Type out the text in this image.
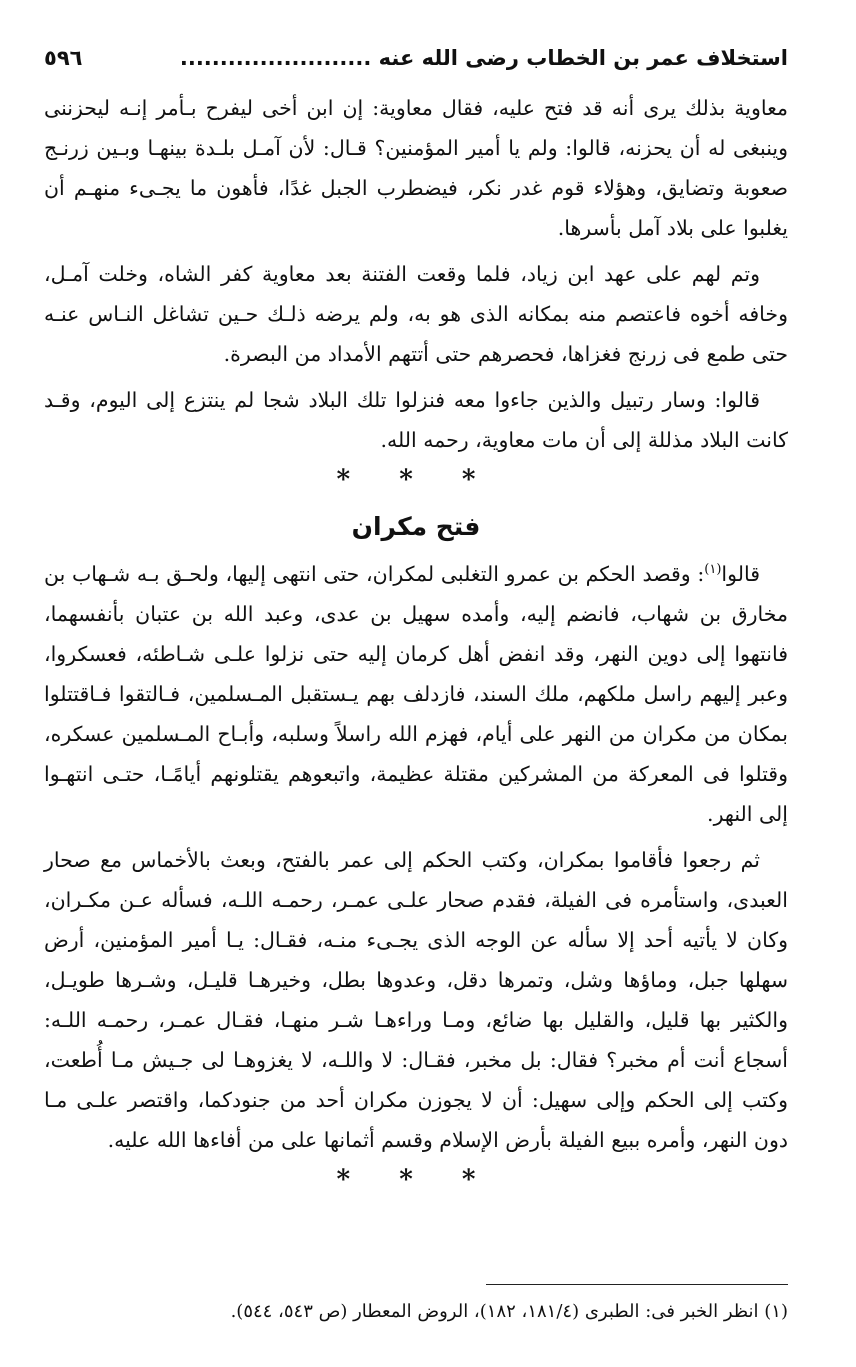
استخلاف عمر بن الخطاب رضى الله عنه ........................
٥٩٦

معاوية بذلك يرى أنه قد فتح عليه، فقال معاوية: إن ابن أخى ليفرح بـأمر إنـه ليحزننى وينبغى له أن يحزنه، قالوا: ولم يا أمير المؤمنين؟ قـال: لأن آمـل بلـدة بينهـا وبـين زرنـج صعوبة وتضايق، وهؤلاء قوم غدر نكر، فيضطرب الجبل غدًا، فأهون ما يجـىء منهـم أن يغلبوا على بلاد آمل بأسرها.

وتم لهم على عهد ابن زياد، فلما وقعت الفتنة بعد معاوية كفر الشاه، وخلت آمـل، وخافه أخوه فاعتصم منه بمكانه الذى هو به، ولم يرضه ذلـك حـين تشاغل النـاس عنـه حتى طمع فى زرنج فغزاها، فحصرهم حتى أتتهم الأمداد من البصرة.

قالوا: وسار رتبيل والذين جاءوا معه فنزلوا تلك البلاد شجا لم ينتزع إلى اليوم، وقـد كانت البلاد مذللة إلى أن مات معاوية، رحمه الله.

* * *
فتح مكران

قالوا$^{(١)}$: وقصد الحكم بن عمرو التغلبى لمكران، حتى انتهى إليها، ولحـق بـه شـهاب بن مخارق بن شهاب، فانضم إليه، وأمده سهيل بن عدى، وعبد الله بن عتبان بأنفسهما، فانتهوا إلى دوين النهر، وقد انفض أهل كرمان إليه حتى نزلوا علـى شـاطئه، فعسكروا، وعبر إليهم راسل ملكهم، ملك السند، فازدلف بهم يـستقبل المـسلمين، فـالتقوا فـاقتتلوا بمكان من مكران من النهر على أيام، فهزم الله راسلاً وسلبه، وأبـاح المـسلمين عسكره، وقتلوا فى المعركة من المشركين مقتلة عظيمة، واتبعوهم يقتلونهم أيامًـا، حتـى انتهـوا إلى النهر.

ثم رجعوا فأقاموا بمكران، وكتب الحكم إلى عمر بالفتح، وبعث بالأخماس مع صحار العبدى، واستأمره فى الفيلة، فقدم صحار علـى عمـر، رحمـه اللـه، فسأله عـن مكـران، وكان لا يأتيه أحد إلا سأله عن الوجه الذى يجـىء منـه، فقـال: يـا أمير المؤمنين، أرض سهلها جبل، وماؤها وشل، وتمرها دقل، وعدوها بطل، وخيرهـا قليـل، وشـرها طويـل، والكثير بها قليل، والقليل بها ضائع، ومـا وراءهـا شـر منهـا، فقـال عمـر، رحمـه اللـه: أسجاع أنت أم مخبر؟ فقال: بل مخبر، فقـال: لا واللـه، لا يغزوهـا لى جـيش مـا أُطعت، وكتب إلى الحكم وإلى سهيل: أن لا يجوزن مكران أحد من جنودكما، واقتصر علـى مـا دون النهر، وأمره ببيع الفيلة بأرض الإسلام وقسم أثمانها على من أفاءها الله عليه.

* * *
(١) انظر الخبر فى: الطبرى (١٨١/٤، ١٨٢)، الروض المعطار (ص ٥٤٣، ٥٤٤).
